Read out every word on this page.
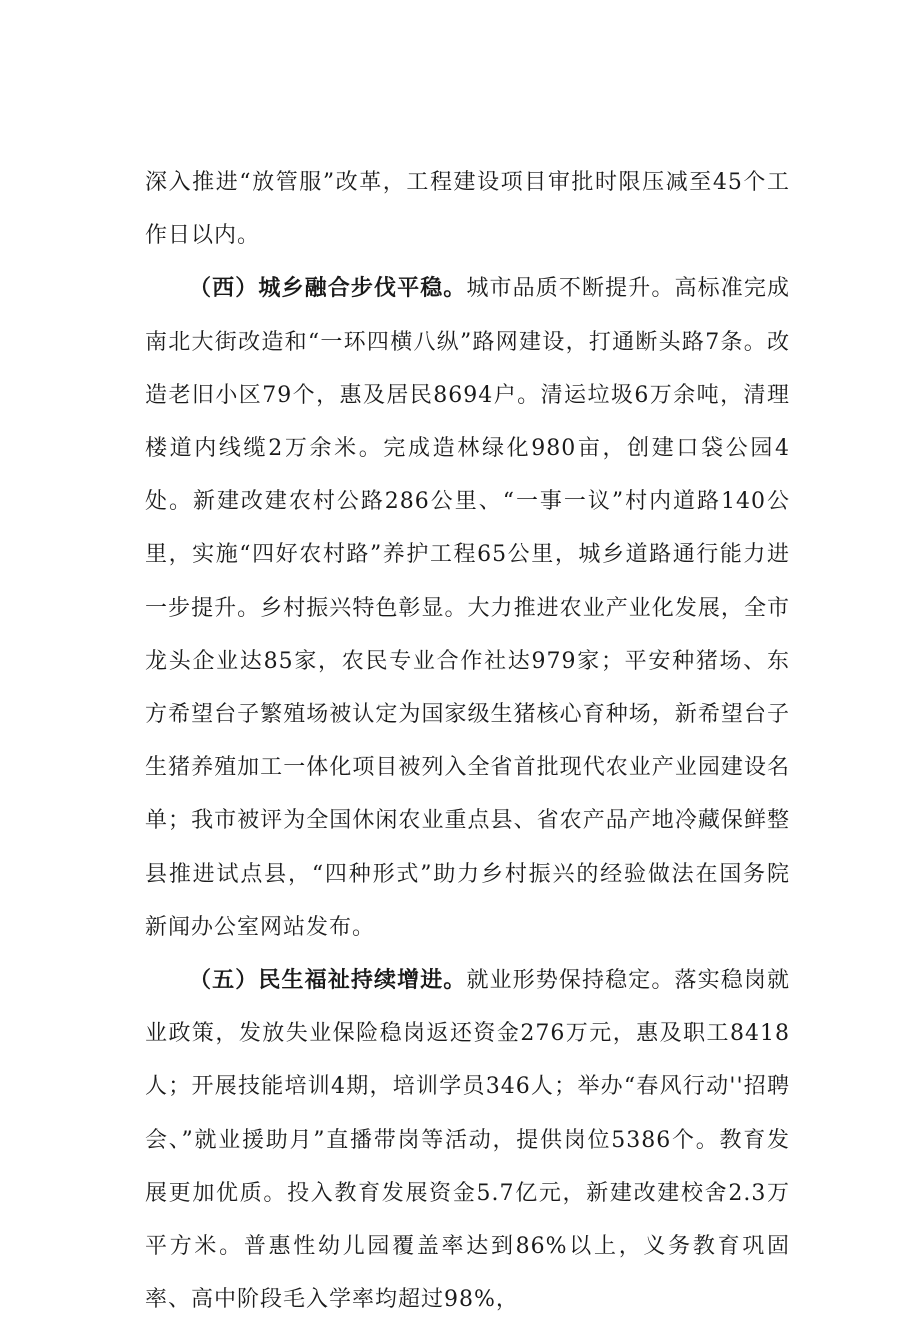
深入推进“放管服”改革，工程建设项目审批时限压减至45个工作日以内。

（西）城乡融合步伐平稳。城市品质不断提升。高标准完成南北大街改造和“一环四横八纵”路网建设，打通断头路7条。改造老旧小区79个，惠及居民8694户。清运垃圾6万余吨，清理楼道内线缆2万余米。完成造林绿化980亩，创建口袋公园4处。新建改建农村公路286公里、“一事一议”村内道路140公里，实施“四好农村路”养护工程65公里，城乡道路通行能力进一步提升。乡村振兴特色彰显。大力推进农业产业化发展，全市龙头企业达85家，农民专业合作社达979家；平安种猪场、东方希望台子繁殖场被认定为国家级生猪核心育种场，新希望台子生猪养殖加工一体化项目被列入全省首批现代农业产业园建设名单；我市被评为全国休闲农业重点县、省农产品产地冷藏保鲜整县推进试点县，“四种形式”助力乡村振兴的经验做法在国务院新闻办公室网站发布。

（五）民生福祉持续增进。就业形势保持稳定。落实稳岗就业政策，发放失业保险稳岗返还资金276万元，惠及职工8418人；开展技能培训4期，培训学员346人；举办“春风行动''招聘会、”就业援助月”直播带岗等活动，提供岗位5386个。教育发展更加优质。投入教育发展资金5.7亿元，新建改建校舍2.3万平方米。普惠性幼儿园覆盖率达到86%以上，义务教育巩固率、高中阶段毛入学率均超过98%，
